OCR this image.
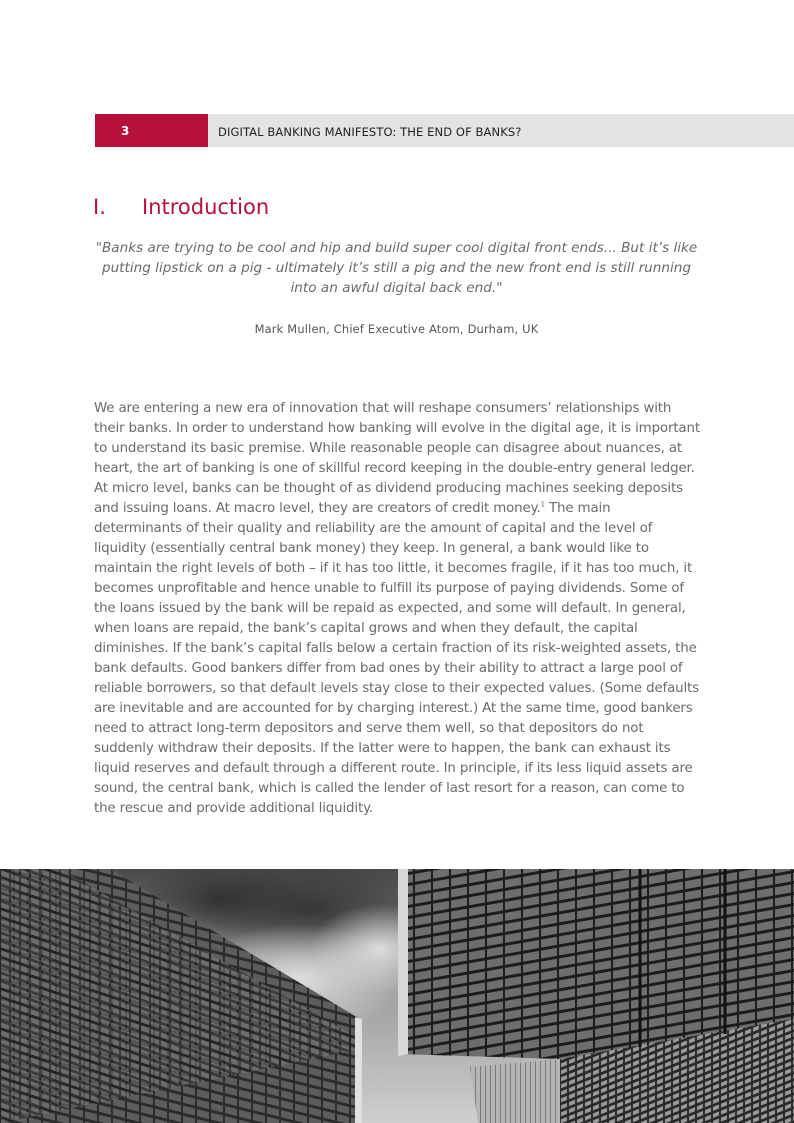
3	DIGITAL BANKING MANIFESTO: THE END OF BANKS?
I. Introduction
"Banks are trying to be cool and hip and build super cool digital front ends... But it’s like putting lipstick on a pig - ultimately it’s still a pig and the new front end is still running into an awful digital back end."
Mark Mullen, Chief Executive Atom, Durham, UK
We are entering a new era of innovation that will reshape consumers’ relationships with their banks. In order to understand how banking will evolve in the digital age, it is important to understand its basic premise. While reasonable people can disagree about nuances, at heart, the art of banking is one of skillful record keeping in the double-entry general ledger. At micro level, banks can be thought of as dividend producing machines seeking deposits and issuing loans. At macro level, they are creators of credit money.$^1$ The main determinants of their quality and reliability are the amount of capital and the level of liquidity (essentially central bank money) they keep. In general, a bank would like to maintain the right levels of both – if it has too little, it becomes fragile, if it has too much, it becomes unprofitable and hence unable to fulfill its purpose of paying dividends. Some of the loans issued by the bank will be repaid as expected, and some will default. In general, when loans are repaid, the bank’s capital grows and when they default, the capital diminishes. If the bank’s capital falls below a certain fraction of its risk-weighted assets, the bank defaults. Good bankers differ from bad ones by their ability to attract a large pool of reliable borrowers, so that default levels stay close to their expected values. (Some defaults are inevitable and are accounted for by charging interest.) At the same time, good bankers need to attract long-term depositors and serve them well, so that depositors do not suddenly withdraw their deposits. If the latter were to happen, the bank can exhaust its liquid reserves and default through a different route. In principle, if its less liquid assets are sound, the central bank, which is called the lender of last resort for a reason, can come to the rescue and provide additional liquidity.
